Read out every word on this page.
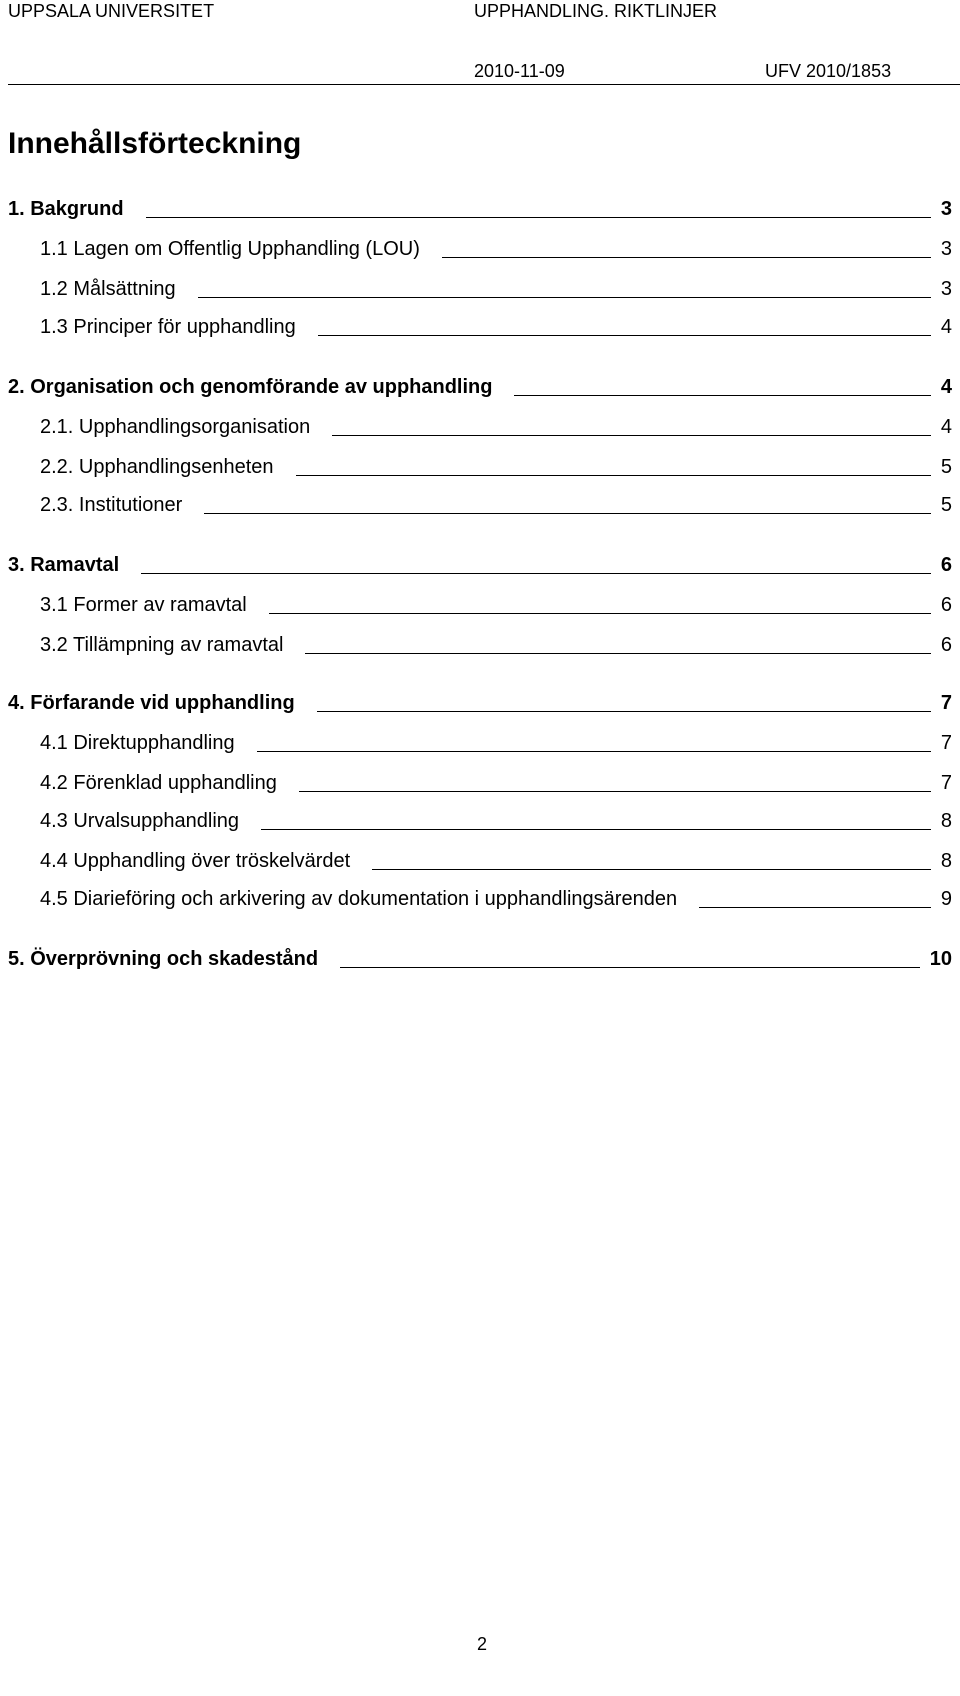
UPPSALA UNIVERSITET	UPPHANDLING. RIKTLINJER
2010-11-09	UFV 2010/1853
Innehållsförteckning
1. Bakgrund	3
1.1 Lagen om Offentlig Upphandling (LOU)	3
1.2 Målsättning	3
1.3 Principer för upphandling	4
2. Organisation och genomförande av upphandling	4
2.1. Upphandlingsorganisation	4
2.2. Upphandlingsenheten	5
2.3. Institutioner	5
3. Ramavtal	6
3.1 Former av ramavtal	6
3.2 Tillämpning av ramavtal	6
4. Förfarande vid upphandling	7
4.1 Direktupphandling	7
4.2 Förenklad upphandling	7
4.3 Urvalsupphandling	8
4.4 Upphandling över tröskelvärdet	8
4.5 Diarieföring och arkivering av dokumentation i upphandlingsärenden	9
5. Överprövning och skadestånd	10
2
